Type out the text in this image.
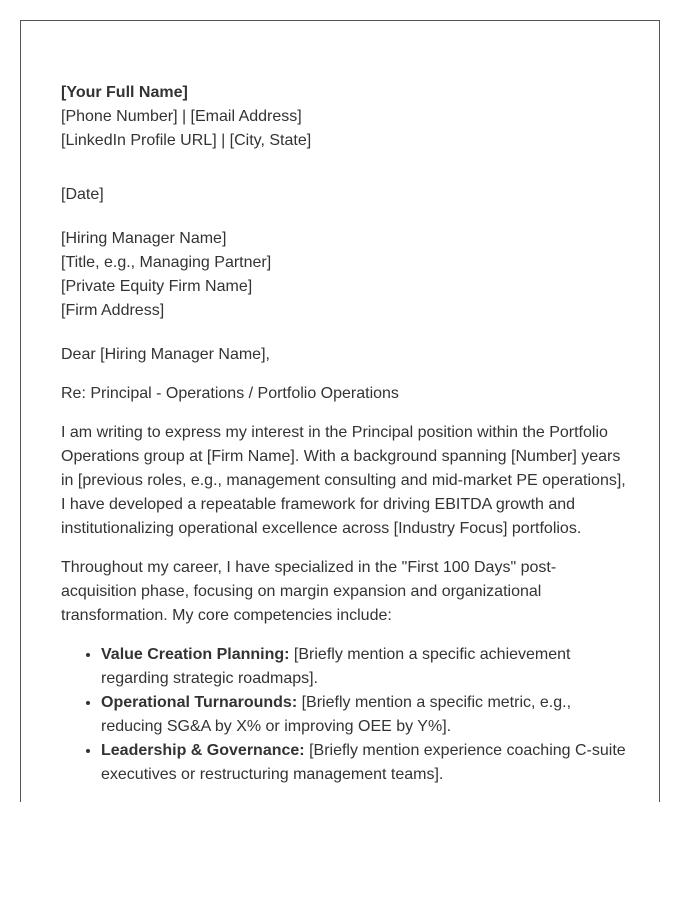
[Your Full Name]
[Phone Number] | [Email Address]
[LinkedIn Profile URL] | [City, State]
[Date]
[Hiring Manager Name]
[Title, e.g., Managing Partner]
[Private Equity Firm Name]
[Firm Address]

Dear [Hiring Manager Name],

Re: Principal - Operations / Portfolio Operations

I am writing to express my interest in the Principal position within the Portfolio Operations group at [Firm Name]. With a background spanning [Number] years in [previous roles, e.g., management consulting and mid-market PE operations], I have developed a repeatable framework for driving EBITDA growth and institutionalizing operational excellence across [Industry Focus] portfolios.

Throughout my career, I have specialized in the "First 100 Days" post-acquisition phase, focusing on margin expansion and organizational transformation. My core competencies include:

• Value Creation Planning: [Briefly mention a specific achievement regarding strategic roadmaps].
• Operational Turnarounds: [Briefly mention a specific metric, e.g., reducing SG&A by X% or improving OEE by Y%].
• Leadership & Governance: [Briefly mention experience coaching C-suite executives or restructuring management teams].
